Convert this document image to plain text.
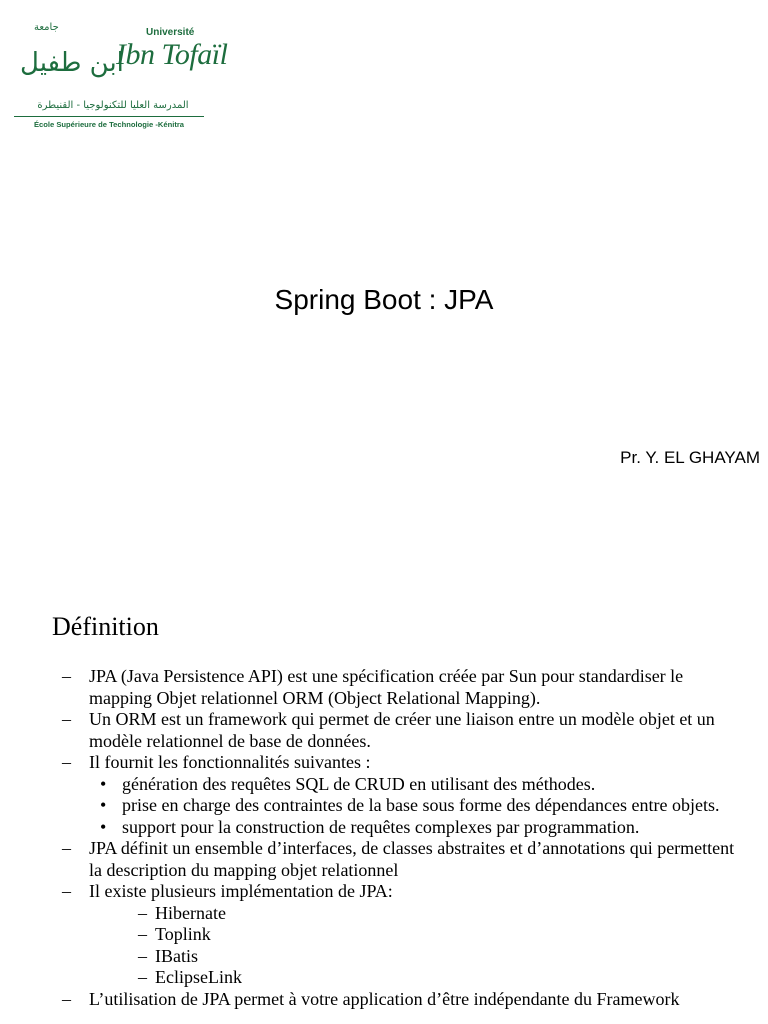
جامعة
ابن طفيل
Université
Ibn Tofaïl
المدرسة العليا للتكنولوجيا - القنيطرة
École Supérieure de Technologie -Kénitra
Spring Boot : JPA
Pr. Y. EL GHAYAM
Définition
– JPA (Java Persistence API) est une spécification créée par Sun pour standardiser le mapping Objet relationnel ORM (Object Relational Mapping).
– Un ORM est un framework qui permet de créer une liaison entre un modèle objet et un modèle relationnel de base de données.
– Il fournit les fonctionnalités suivantes :
• génération des requêtes SQL de CRUD en utilisant des méthodes.
• prise en charge des contraintes de la base sous forme des dépendances entre objets.
• support pour la construction de requêtes complexes par programmation.
– JPA définit un ensemble d’interfaces, de classes abstraites et d’annotations qui permettent la description du mapping objet relationnel
– Il existe plusieurs implémentation de JPA:
– Hibernate
– Toplink
– IBatis
– EclipseLink
– L’utilisation de JPA permet à votre application d’être indépendante du Framework
